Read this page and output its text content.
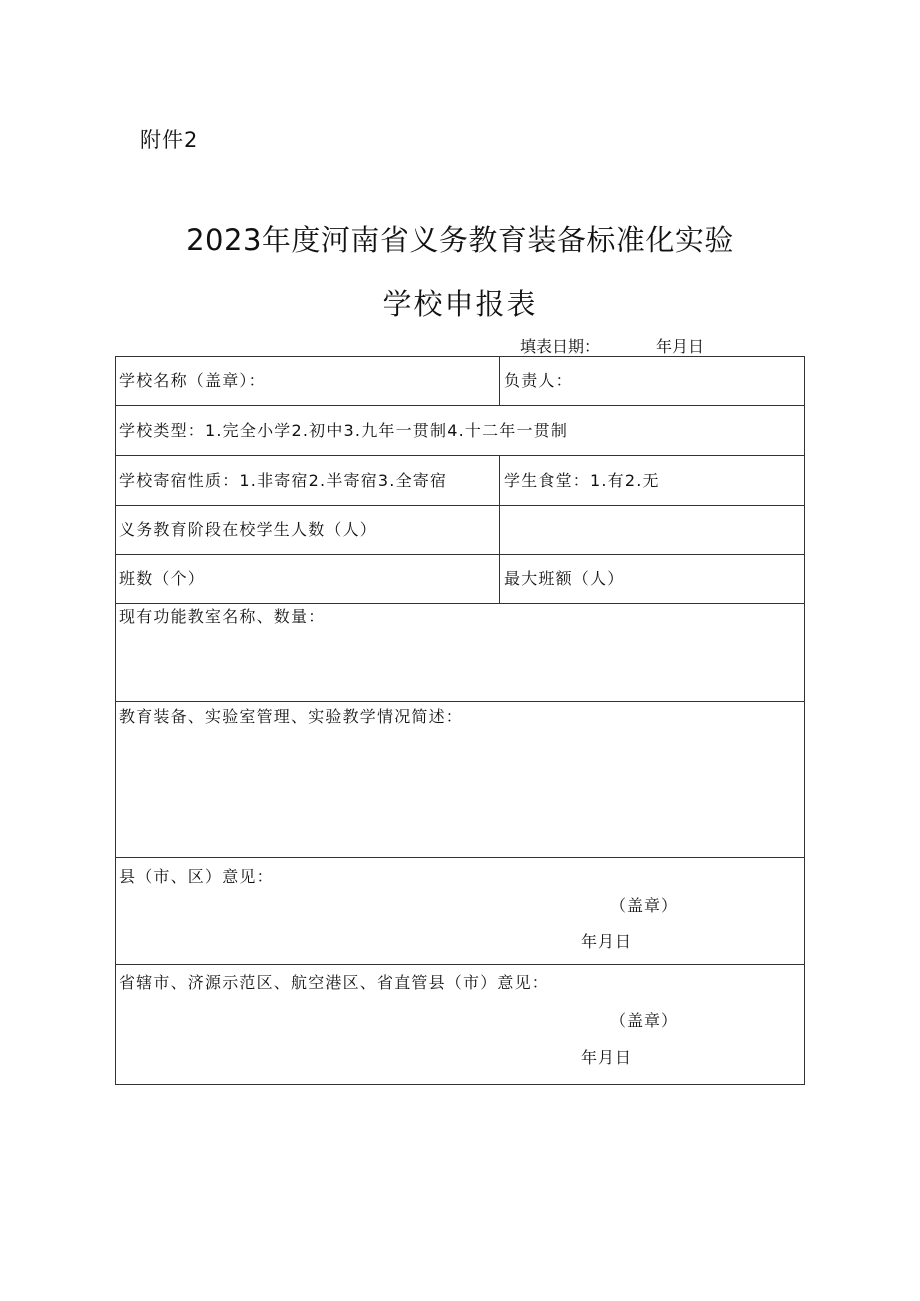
附件2
2023年度河南省义务教育装备标准化实验
学校申报表
填表日期：	年月日
学校名称（盖章）：	负责人：
学校类型：1.完全小学2.初中3.九年一贯制4.十二年一贯制
学校寄宿性质：1.非寄宿2.半寄宿3.全寄宿	学生食堂：1.有2.无
义务教育阶段在校学生人数（人）
班数（个）	最大班额（人）
现有功能教室名称、数量：
教育装备、实验室管理、实验教学情况简述：
县（市、区）意见：
（盖章）
年月日
省辖市、济源示范区、航空港区、省直管县（市）意见：
（盖章）
年月日
